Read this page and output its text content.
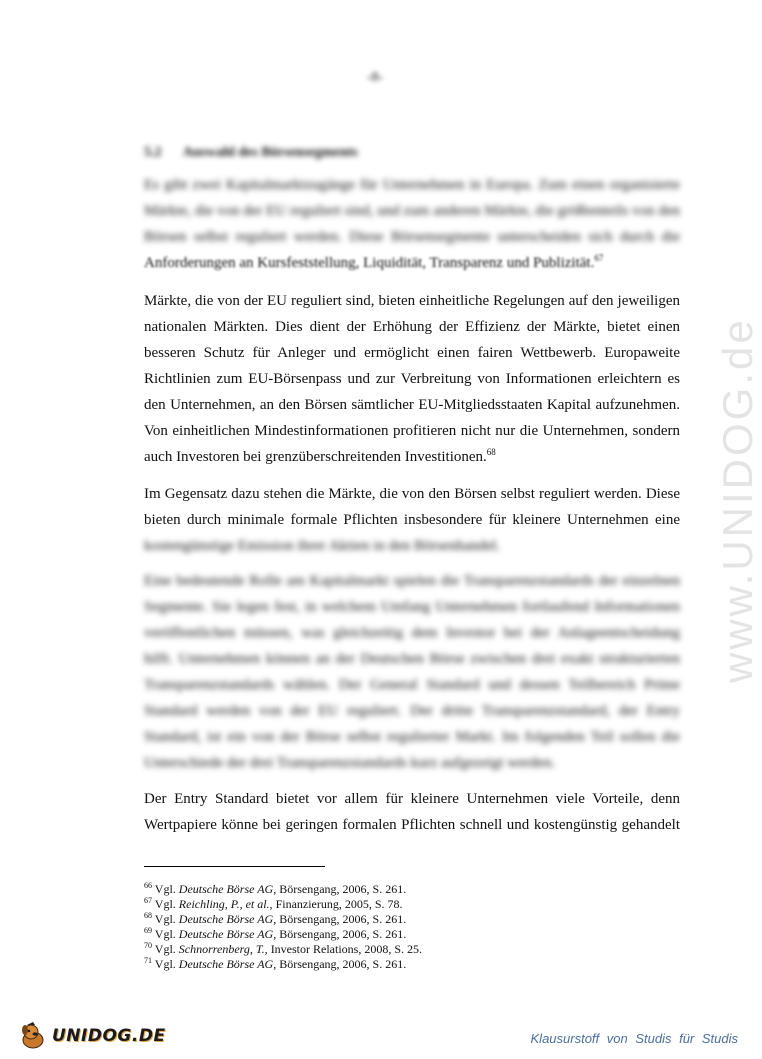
-8-
5.2 Auswahl des Börsensegments
Es gibt zwei Kapitalmarktzugänge für Unternehmen in Europa. Zum einen organisierte
Märkte, die von der EU reguliert sind, und zum anderen Märkte, die größtenteils von den
Börsen selbst reguliert werden. Diese Börsensegmente unterscheiden sich durch die
Anforderungen an Kursfeststellung, Liquidität, Transparenz und Publizität.$^{67}$
Märkte, die von der EU reguliert sind, bieten einheitliche Regelungen auf den jeweiligen
nationalen Märkten. Dies dient der Erhöhung der Effizienz der Märkte, bietet einen
besseren Schutz für Anleger und ermöglicht einen fairen Wettbewerb. Europaweite
Richtlinien zum EU-Börsenpass und zur Verbreitung von Informationen erleichtern es
den Unternehmen, an den Börsen sämtlicher EU-Mitgliedsstaaten Kapital aufzunehmen.
Von einheitlichen Mindestinformationen profitieren nicht nur die Unternehmen, sondern
auch Investoren bei grenzüberschreitenden Investitionen.$^{68}$
Im Gegensatz dazu stehen die Märkte, die von den Börsen selbst reguliert werden. Diese
bieten durch minimale formale Pflichten insbesondere für kleinere Unternehmen eine
kostengünstige Emission ihrer Aktien in den Börsenhandel.
Eine bedeutende Rolle am Kapitalmarkt spielen die Transparenzstandards der einzelnen
Segmente. Sie legen fest, in welchem Umfang Unternehmen fortlaufend Informationen
veröffentlichen müssen, was gleichzeitig dem Investor bei der Anlageentscheidung
hilft. Unternehmen können an der Deutschen Börse zwischen drei exakt strukturierten
Transparenzstandards wählen. Der General Standard und dessen Teilbereich Prime
Standard werden von der EU reguliert. Der dritte Transparenzstandard, der Entry
Standard, ist ein von der Börse selbst regulierter Markt. Im folgenden Teil sollen die
Unterschiede der drei Transparenzstandards kurz aufgezeigt werden.
Der Entry Standard bietet vor allem für kleinere Unternehmen viele Vorteile, denn
Wertpapiere könne bei geringen formalen Pflichten schnell und kostengünstig gehandelt
www.UNIDOG.de
$^{66}$ Vgl. Deutsche Börse AG, Börsengang, 2006, S. 261.
$^{67}$ Vgl. Reichling, P., et al., Finanzierung, 2005, S. 78.
$^{68}$ Vgl. Deutsche Börse AG, Börsengang, 2006, S. 261.
$^{69}$ Vgl. Deutsche Börse AG, Börsengang, 2006, S. 261.
$^{70}$ Vgl. Schnorrenberg, T., Investor Relations, 2008, S. 25.
$^{71}$ Vgl. Deutsche Börse AG, Börsengang, 2006, S. 261.
UNIDOG.DE	Klausurstoff von Studis für Studis
